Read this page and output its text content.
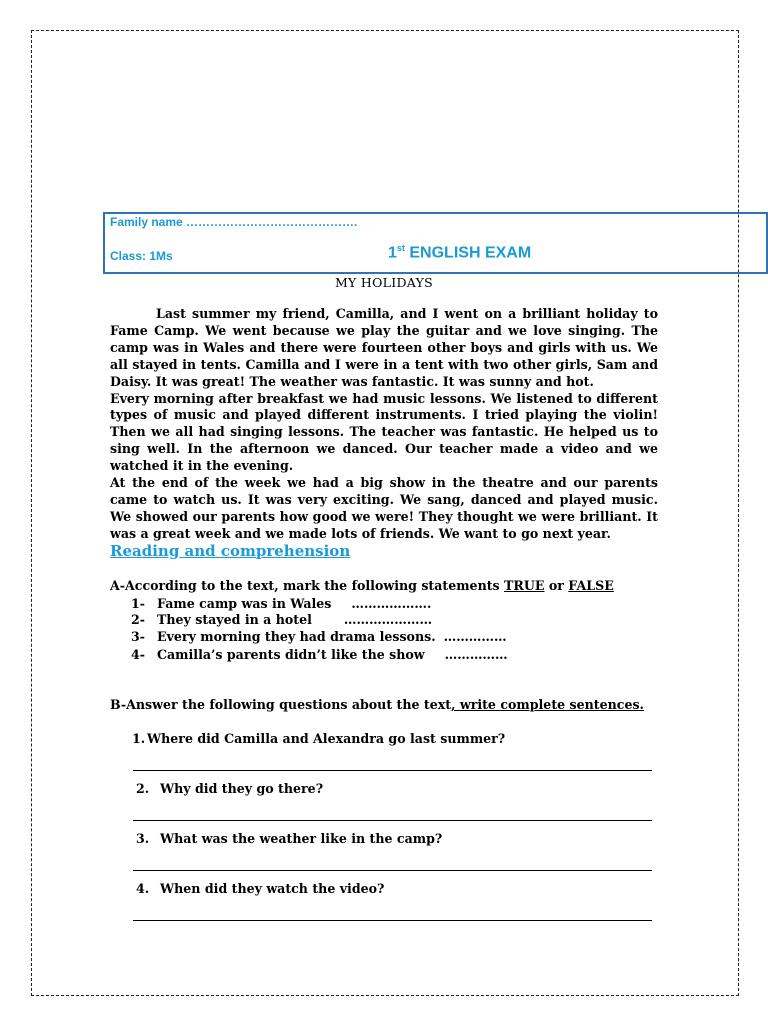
Family name …………………………………….
Class: 1Ms	1st ENGLISH EXAM
MY HOLIDAYS

Last summer my friend, Camilla, and I went on a brilliant holiday to Fame Camp. We went because we play the guitar and we love singing. The camp was in Wales and there were fourteen other boys and girls with us. We all stayed in tents. Camilla and I were in a tent with two other girls, Sam and Daisy. It was great! The weather was fantastic. It was sunny and hot.

Every morning after breakfast we had music lessons. We listened to different types of music and played different instruments. I tried playing the violin! Then we all had singing lessons. The teacher was fantastic. He helped us to sing well. In the afternoon we danced. Our teacher made a video and we watched it in the evening.

At the end of the week we had a big show in the theatre and our parents came to watch us. It was very exciting. We sang, danced and played music. We showed our parents how good we were! They thought we were brilliant. It was a great week and we made lots of friends. We want to go next year.

Reading and comprehension
A-According to the text, mark the following statements TRUE or FALSE
1- Fame camp was in Wales ……………….
2- They stayed in a hotel	…………………
3- Every morning they had drama lessons. ……………
4- Camilla’s parents didn’t like the show ……………
B-Answer the following questions about the text, write complete sentences.
1. Where did Camilla and Alexandra go last summer?
2. Why did they go there?
3. What was the weather like in the camp?
4. When did they watch the video?
